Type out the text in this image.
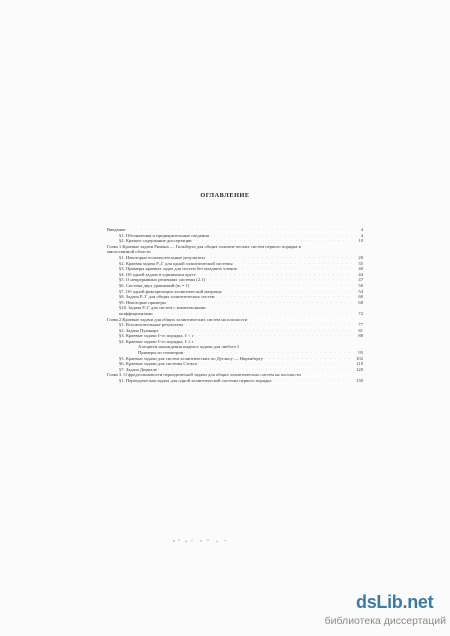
ОГЛАВЛЕНИЕ
Введение . . .	4
§1. Обозначения и предварительные сведения . . .	4
§2. Краткое содержание диссертации . . .	10
Глава 1.Краевые задачи Римана — Гильберта для общих эллипти-ческих систем первого порядка в многосвязной области
§1. Некоторые вспомогательные результаты . . .	28
§2. Краевая задача Р–Г для одной эллиптической системы . . .	35
§3. Примеры краевых задач для систем без младших членов . . .	40
§4. Об одной задаче в единичном круге . . .	44
§5. О непрерывных решениях системы (2.1) . . .	47
§6. Система двух уравнений (m = 1) . . .	50
§7. Об одной факторизации эллиптической матрицы . . .	54
§8. Задача Р–Г для общих эллиптических систем . . .	60
§9. Некоторые примеры . . .	68
§10. Задача Р–Г для систем с комплексными
коэффициентами . . .	72
Глава 2.Краевые задачи для общих эллиптических систем на плоскости
§1. Вспомогательные результаты . . .	77
§2. Задача Пуанкаре . . .	81
§3. Краевые задачи ℓ-го порядка, ℓ < r . . .	88
§4. Краевые задачи ℓ-го порядка, ℓ ≥ r
Алгоритм нахождения индекса задачи для любого ℓ
Примеры из геометрии . . .	95
§5. Краевые задачи для систем эллиптических по Дуглису — Ниренбергу . . .	102
§6. Краевые задачи для системы Стокса . . .	110
§7. Задача Дирихле . . .	120
Глава 3. О фредгольмовости периодической задачи для общих эллиптических систем на плоскости
§1. Периодическая задача для одной эллиптической системы первого порядка . . .	130
dsLib.net
библиотека диссертаций
